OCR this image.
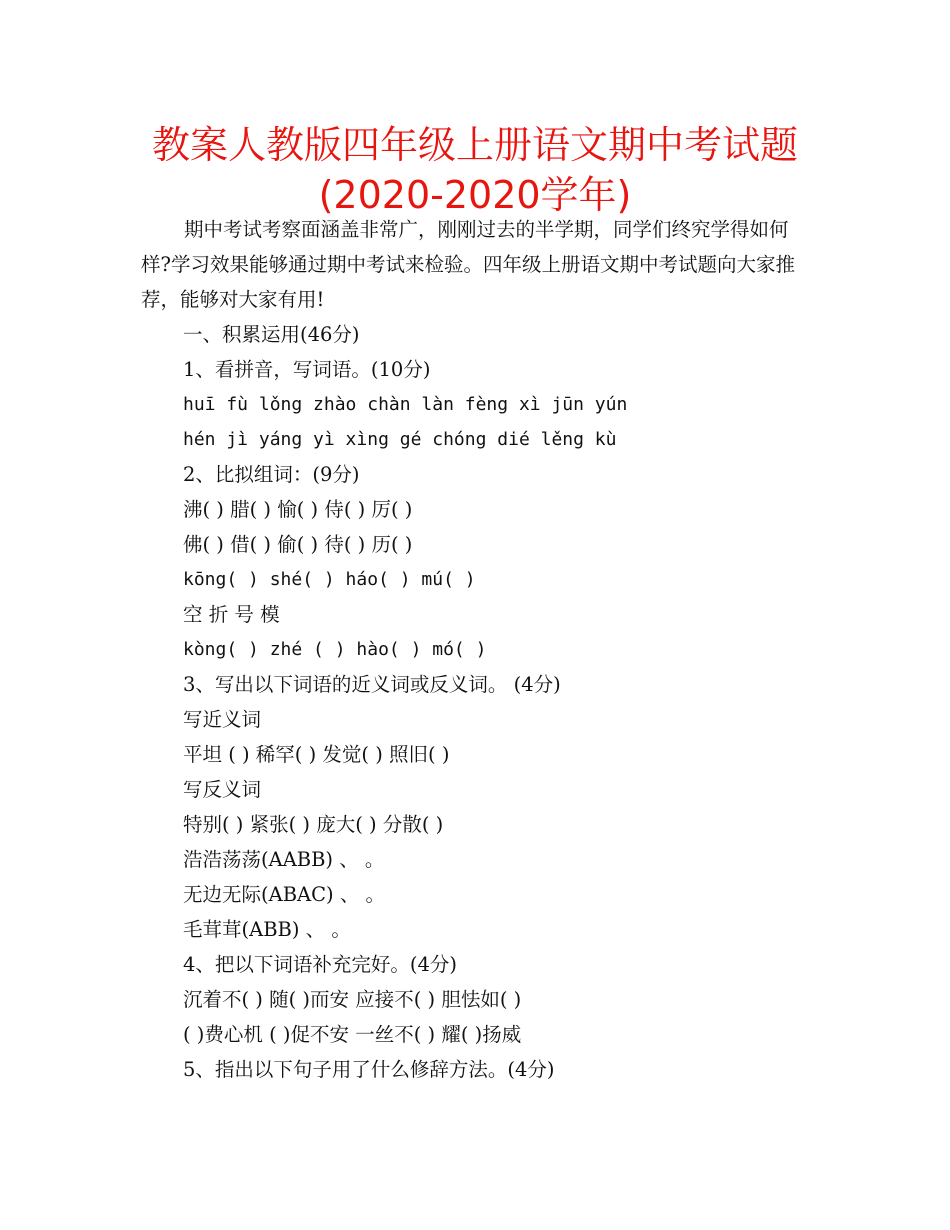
教案人教版四年级上册语文期中考试题
(2020-2020学年)

期中考试考察面涵盖非常广，刚刚过去的半学期，同学们终究学得如何样?学习效果能够通过期中考试来检验。四年级上册语文期中考试题向大家推荐，能够对大家有用!

一、积累运用(46分)
1、看拼音，写词语。(10分)
huī fù lǒng zhào chàn làn fèng xì jūn yún
hén jì yáng yì xìng gé chóng dié lěng kù
2、比拟组词：(9分)
沸( ) 腊( ) 愉( ) 侍( ) 厉( )
佛( ) 借( ) 偷( ) 待( ) 历( )
kōng( ) shé( ) háo( ) mú( )
空 折 号 模
kòng( ) zhé ( ) hào( ) mó( )
3、写出以下词语的近义词或反义词。 (4分)
写近义词
平坦 ( ) 稀罕( ) 发觉( ) 照旧( )
写反义词
特别( ) 紧张( ) 庞大( ) 分散( )
浩浩荡荡(AABB) 、 。
无边无际(ABAC) 、 。
毛茸茸(ABB) 、 。
4、把以下词语补充完好。(4分)
沉着不( ) 随( )而安 应接不( ) 胆怯如( )
( )费心机 ( )促不安 一丝不( ) 耀( )扬威
5、指出以下句子用了什么修辞方法。(4分)
